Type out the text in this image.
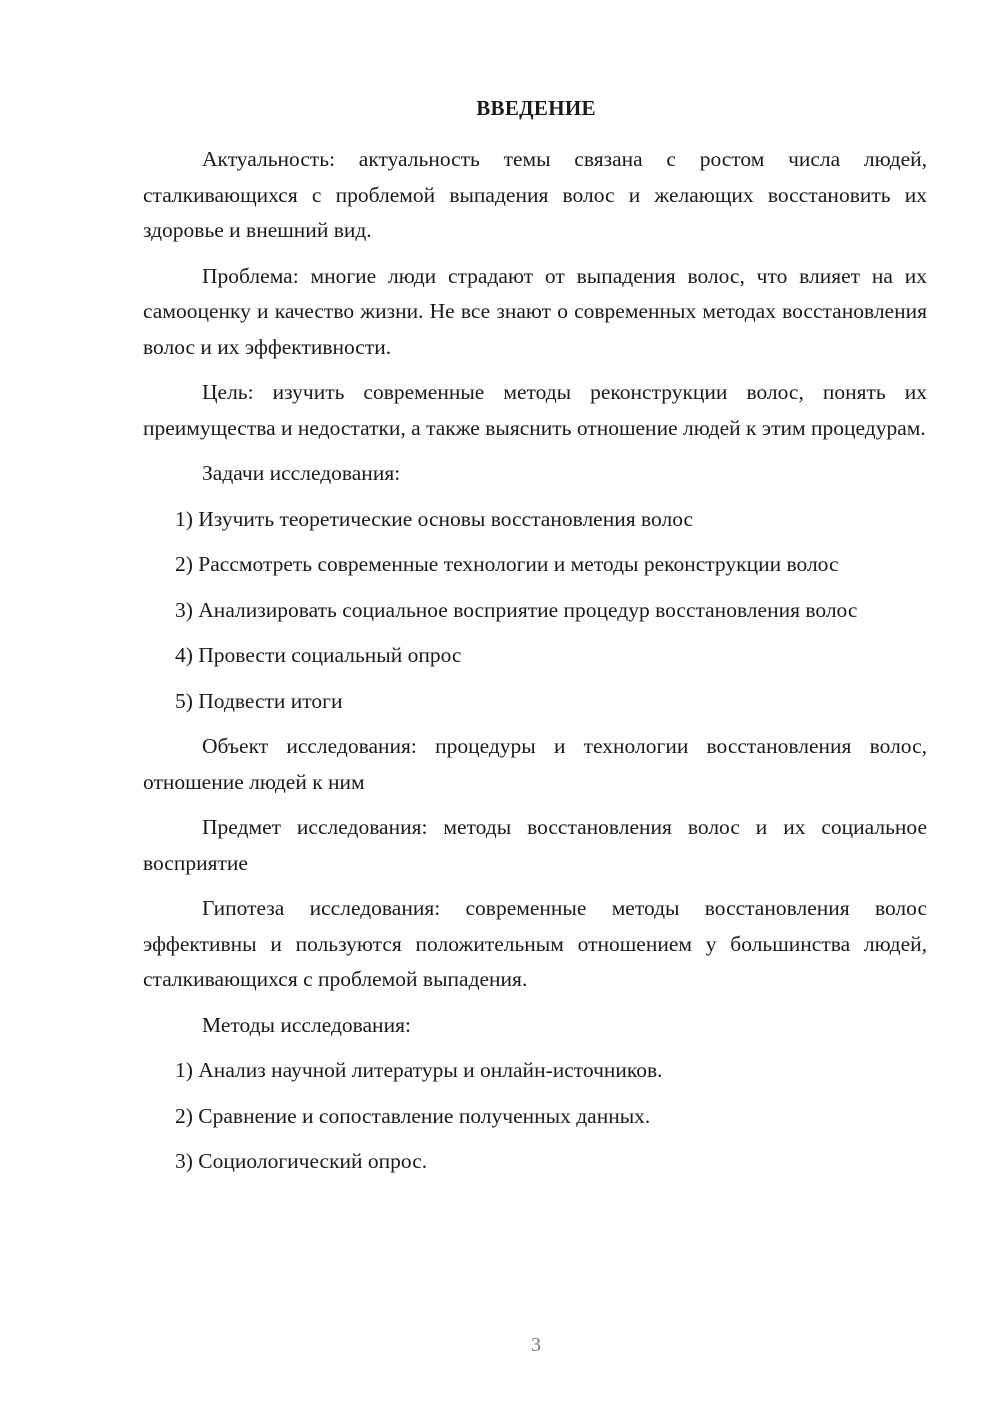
ВВЕДЕНИЕ

Актуальность: актуальность темы связана с ростом числа людей, сталкивающихся с проблемой выпадения волос и желающих восстановить их здоровье и внешний вид.

Проблема: многие люди страдают от выпадения волос, что влияет на их самооценку и качество жизни. Не все знают о современных методах восстановления волос и их эффективности.

Цель: изучить современные методы реконструкции волос, понять их преимущества и недостатки, а также выяснить отношение людей к этим процедурам.

Задачи исследования:

1) Изучить теоретические основы восстановления волос

2) Рассмотреть современные технологии и методы реконструкции волос

3) Анализировать социальное восприятие процедур восстановления волос

4) Провести социальный опрос

5) Подвести итоги

Объект исследования: процедуры и технологии восстановления волос, отношение людей к ним

Предмет исследования: методы восстановления волос и их социальное восприятие

Гипотеза исследования: современные методы восстановления волос эффективны и пользуются положительным отношением у большинства людей, сталкивающихся с проблемой выпадения.

Методы исследования:

1) Анализ научной литературы и онлайн-источников.

2) Сравнение и сопоставление полученных данных.

3) Социологический опрос.

3
